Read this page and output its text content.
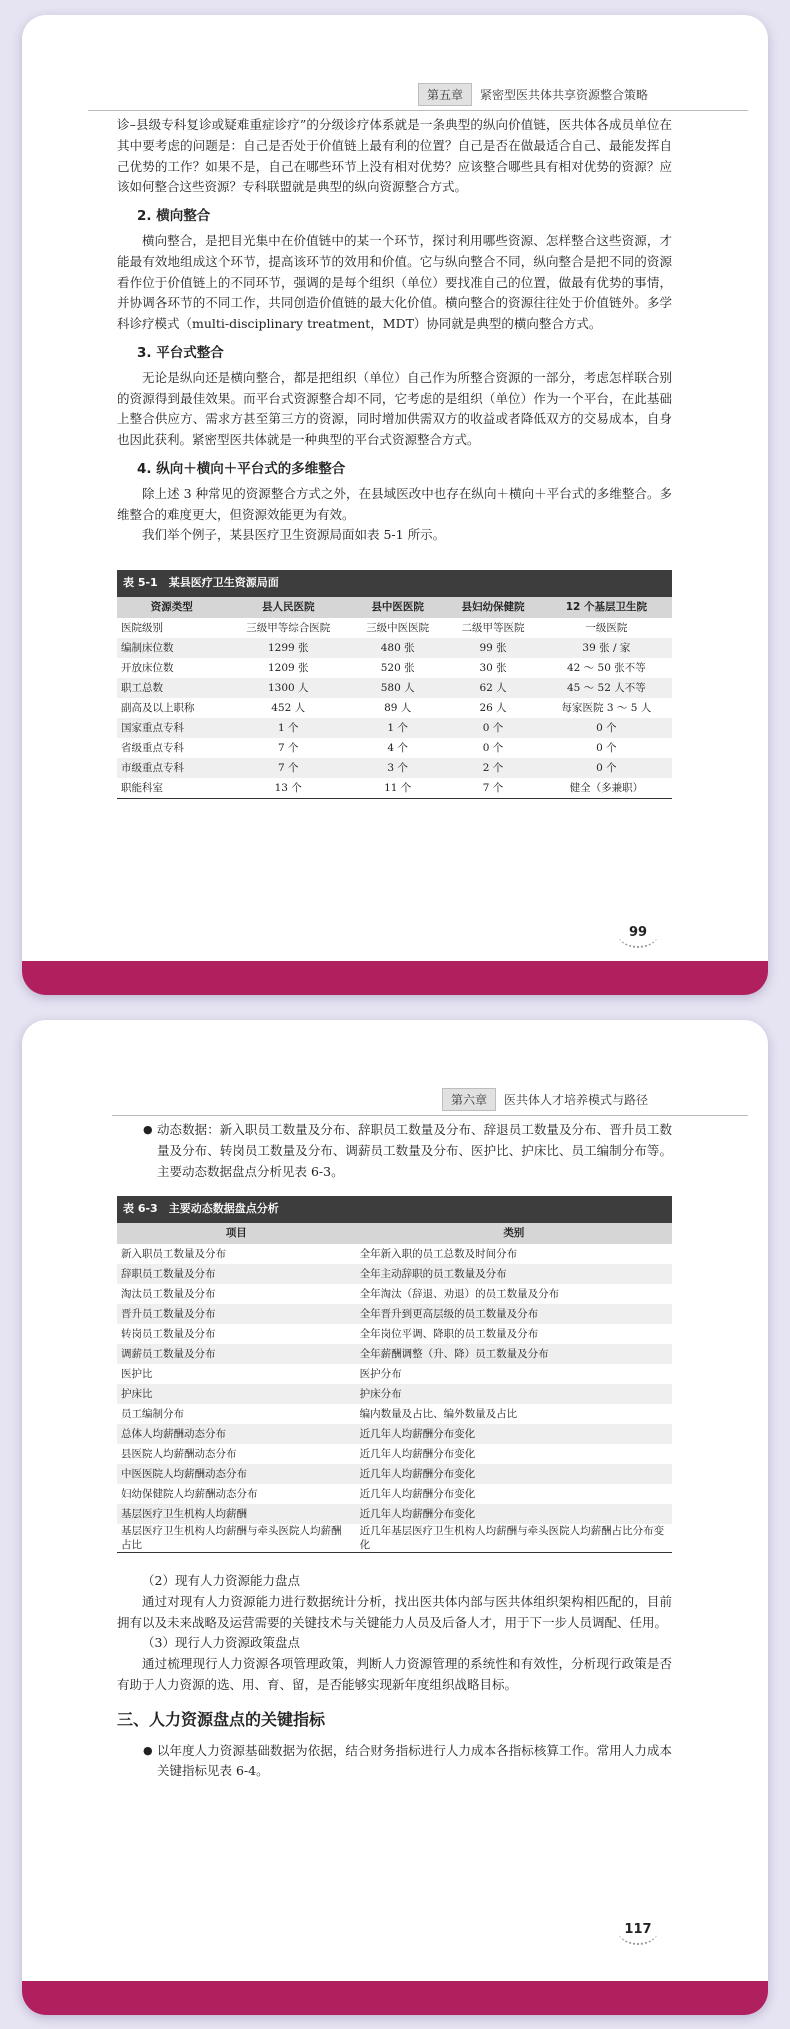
第五章	紧密型医共体共享资源整合策略

诊–县级专科复诊或疑难重症诊疗”的分级诊疗体系就是一条典型的纵向价值链，医共体各成员单位在其中要考虑的问题是：自己是否处于价值链上最有利的位置？自己是否在做最适合自己、最能发挥自己优势的工作？如果不是，自己在哪些环节上没有相对优势？应该整合哪些具有相对优势的资源？应该如何整合这些资源？专科联盟就是典型的纵向资源整合方式。

2. 横向整合

横向整合，是把目光集中在价值链中的某一个环节，探讨利用哪些资源、怎样整合这些资源，才能最有效地组成这个环节，提高该环节的效用和价值。它与纵向整合不同，纵向整合是把不同的资源看作位于价值链上的不同环节，强调的是每个组织（单位）要找准自己的位置，做最有优势的事情，并协调各环节的不同工作，共同创造价值链的最大化价值。横向整合的资源往往处于价值链外。多学科诊疗模式（multi-disciplinary treatment，MDT）协同就是典型的横向整合方式。

3. 平台式整合

无论是纵向还是横向整合，都是把组织（单位）自己作为所整合资源的一部分，考虑怎样联合别的资源得到最佳效果。而平台式资源整合却不同，它考虑的是组织（单位）作为一个平台，在此基础上整合供应方、需求方甚至第三方的资源，同时增加供需双方的收益或者降低双方的交易成本，自身也因此获利。紧密型医共体就是一种典型的平台式资源整合方式。

4. 纵向＋横向＋平台式的多维整合

除上述 3 种常见的资源整合方式之外，在县域医改中也存在纵向＋横向＋平台式的多维整合。多维整合的难度更大，但资源效能更为有效。

我们举个例子，某县医疗卫生资源局面如表 5-1 所示。

表 5-1　某县医疗卫生资源局面
资源类型	县人民医院	县中医医院	县妇幼保健院	12 个基层卫生院
医院级别	三级甲等综合医院	三级中医医院	二级甲等医院	一级医院
编制床位数	1299 张	480 张	99 张	39 张 / 家
开放床位数	1209 张	520 张	30 张	42 ～ 50 张不等
职工总数	1300 人	580 人	62 人	45 ～ 52 人不等
副高及以上职称	452 人	89 人	26 人	每家医院 3 ～ 5 人
国家重点专科	1 个	1 个	0 个	0 个
省级重点专科	7 个	4 个	0 个	0 个
市级重点专科	7 个	3 个	2 个	0 个
职能科室	13 个	11 个	7 个	健全（多兼职）
99
第六章	医共体人才培养模式与路径
● 动态数据：新入职员工数量及分布、辞职员工数量及分布、辞退员工数量及分布、晋升员工数量及分布、转岗员工数量及分布、调薪员工数量及分布、医护比、护床比、员工编制分布等。主要动态数据盘点分析见表 6-3。
表 6-3　主要动态数据盘点分析
项目	类别
新入职员工数量及分布	全年新入职的员工总数及时间分布
辞职员工数量及分布	全年主动辞职的员工数量及分布
淘汰员工数量及分布	全年淘汰（辞退、劝退）的员工数量及分布
晋升员工数量及分布	全年晋升到更高层级的员工数量及分布
转岗员工数量及分布	全年岗位平调、降职的员工数量及分布
调薪员工数量及分布	全年薪酬调整（升、降）员工数量及分布
医护比	医护分布
护床比	护床分布
员工编制分布	编内数量及占比、编外数量及占比
总体人均薪酬动态分布	近几年人均薪酬分布变化
县医院人均薪酬动态分布	近几年人均薪酬分布变化
中医医院人均薪酬动态分布	近几年人均薪酬分布变化
妇幼保健院人均薪酬动态分布	近几年人均薪酬分布变化
基层医疗卫生机构人均薪酬	近几年人均薪酬分布变化
基层医疗卫生机构人均薪酬与牵头医院人均薪酬占比	近几年基层医疗卫生机构人均薪酬与牵头医院人均薪酬占比分布变化

（2）现有人力资源能力盘点

通过对现有人力资源能力进行数据统计分析，找出医共体内部与医共体组织架构相匹配的，目前拥有以及未来战略及运营需要的关键技术与关键能力人员及后备人才，用于下一步人员调配、任用。

（3）现行人力资源政策盘点

通过梳理现行人力资源各项管理政策，判断人力资源管理的系统性和有效性，分析现行政策是否有助于人力资源的选、用、育、留，是否能够实现新年度组织战略目标。

三、人力资源盘点的关键指标
● 以年度人力资源基础数据为依据，结合财务指标进行人力成本各指标核算工作。常用人力成本关键指标见表 6-4。
117
